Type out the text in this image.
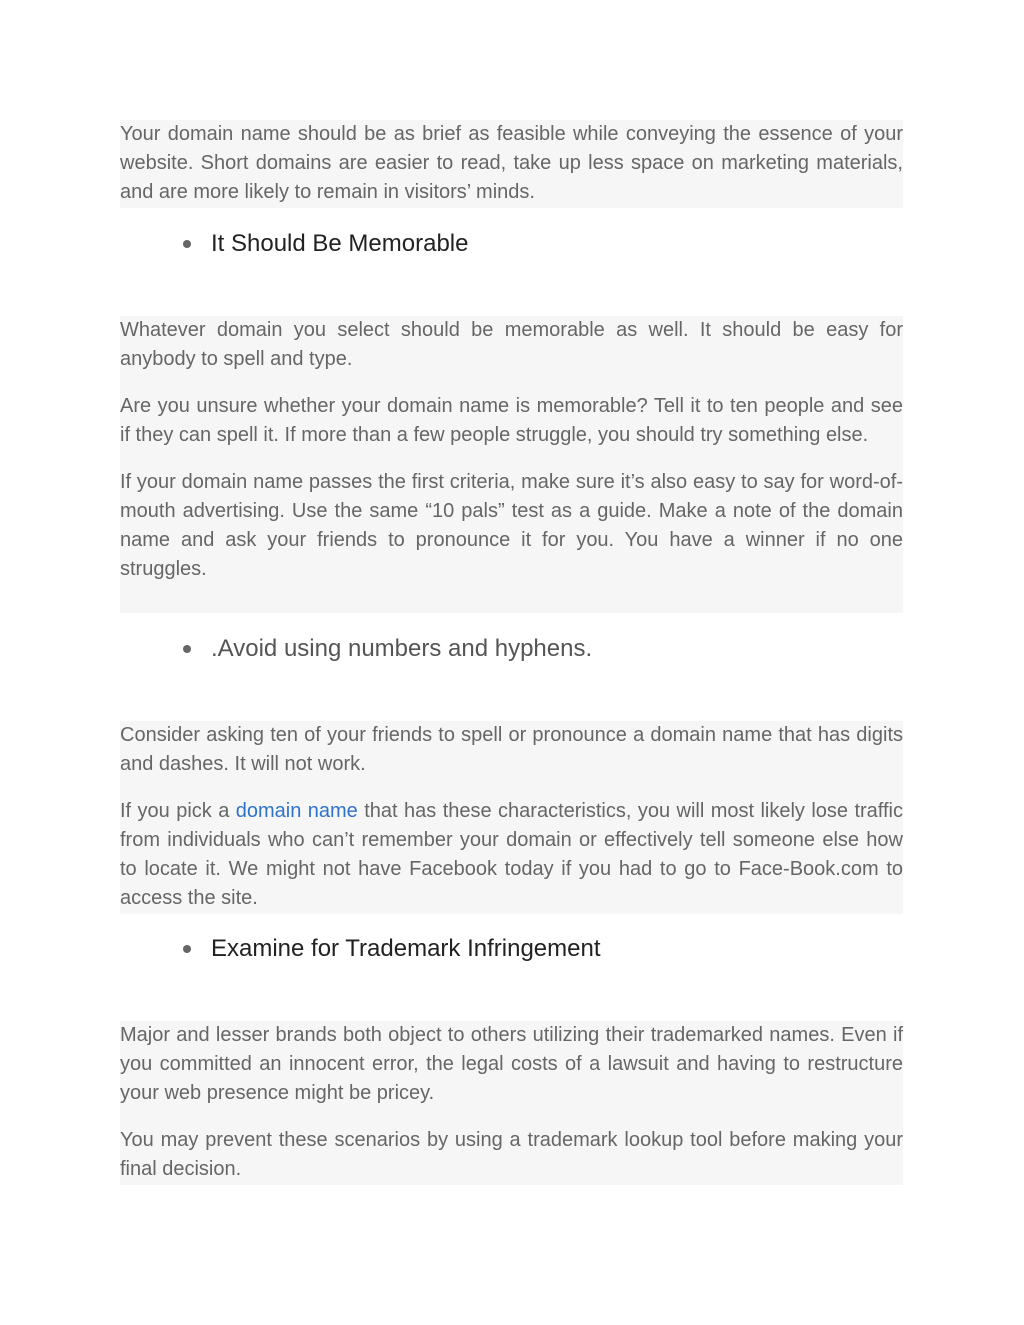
Your domain name should be as brief as feasible while conveying the essence of your website. Short domains are easier to read, take up less space on marketing materials, and are more likely to remain in visitors’ minds.

It Should Be Memorable

Whatever domain you select should be memorable as well. It should be easy for anybody to spell and type.

Are you unsure whether your domain name is memorable? Tell it to ten people and see if they can spell it. If more than a few people struggle, you should try something else.

If your domain name passes the first criteria, make sure it’s also easy to say for word-of-mouth advertising. Use the same “10 pals” test as a guide. Make a note of the domain name and ask your friends to pronounce it for you. You have a winner if no one struggles.

.Avoid using numbers and hyphens.

Consider asking ten of your friends to spell or pronounce a domain name that has digits and dashes. It will not work.

If you pick a domain name that has these characteristics, you will most likely lose traffic from individuals who can’t remember your domain or effectively tell someone else how to locate it. We might not have Facebook today if you had to go to Face-Book.com to access the site.

Examine for Trademark Infringement

Major and lesser brands both object to others utilizing their trademarked names. Even if you committed an innocent error, the legal costs of a lawsuit and having to restructure your web presence might be pricey.

You may prevent these scenarios by using a trademark lookup tool before making your final decision.
